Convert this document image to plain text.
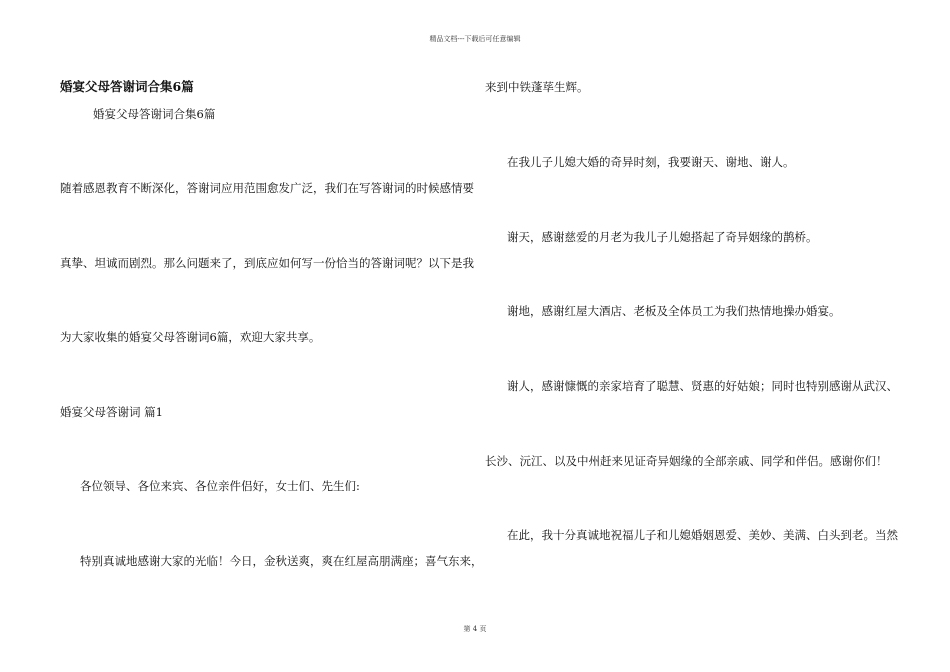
精品文档---下载后可任意编辑
婚宴父母答谢词合集6篇
婚宴父母答谢词合集6篇
随着感恩教育不断深化，答谢词应用范围愈发广泛，我们在写答谢词的时候感情要
真挚、坦诚而剧烈。那么问题来了，到底应如何写一份恰当的答谢词呢？以下是我
为大家收集的婚宴父母答谢词6篇，欢迎大家共享。
婚宴父母答谢词 篇1
各位领导、各位来宾、各位亲件侣好，女士们、先生们:
特别真诚地感谢大家的光临！今日，金秋送爽，爽在红屋高朋满座；喜气东来，
来到中铁蓬荜生辉。
在我儿子儿媳大婚的奇异时刻，我要谢天、谢地、谢人。
谢天，感谢慈爱的月老为我儿子儿媳搭起了奇异姻缘的鹊桥。
谢地，感谢红屋大酒店、老板及全体员工为我们热情地操办婚宴。
谢人，感谢慷慨的亲家培育了聪慧、贤惠的好姑娘；同时也特别感谢从武汉、
长沙、沅江、以及中州赶来见证奇异姻缘的全部亲戚、同学和伴侣。感谢你们！
在此，我十分真诚地祝福儿子和儿媳婚姻恩爱、美妙、美满、白头到老。当然
第 4 页
